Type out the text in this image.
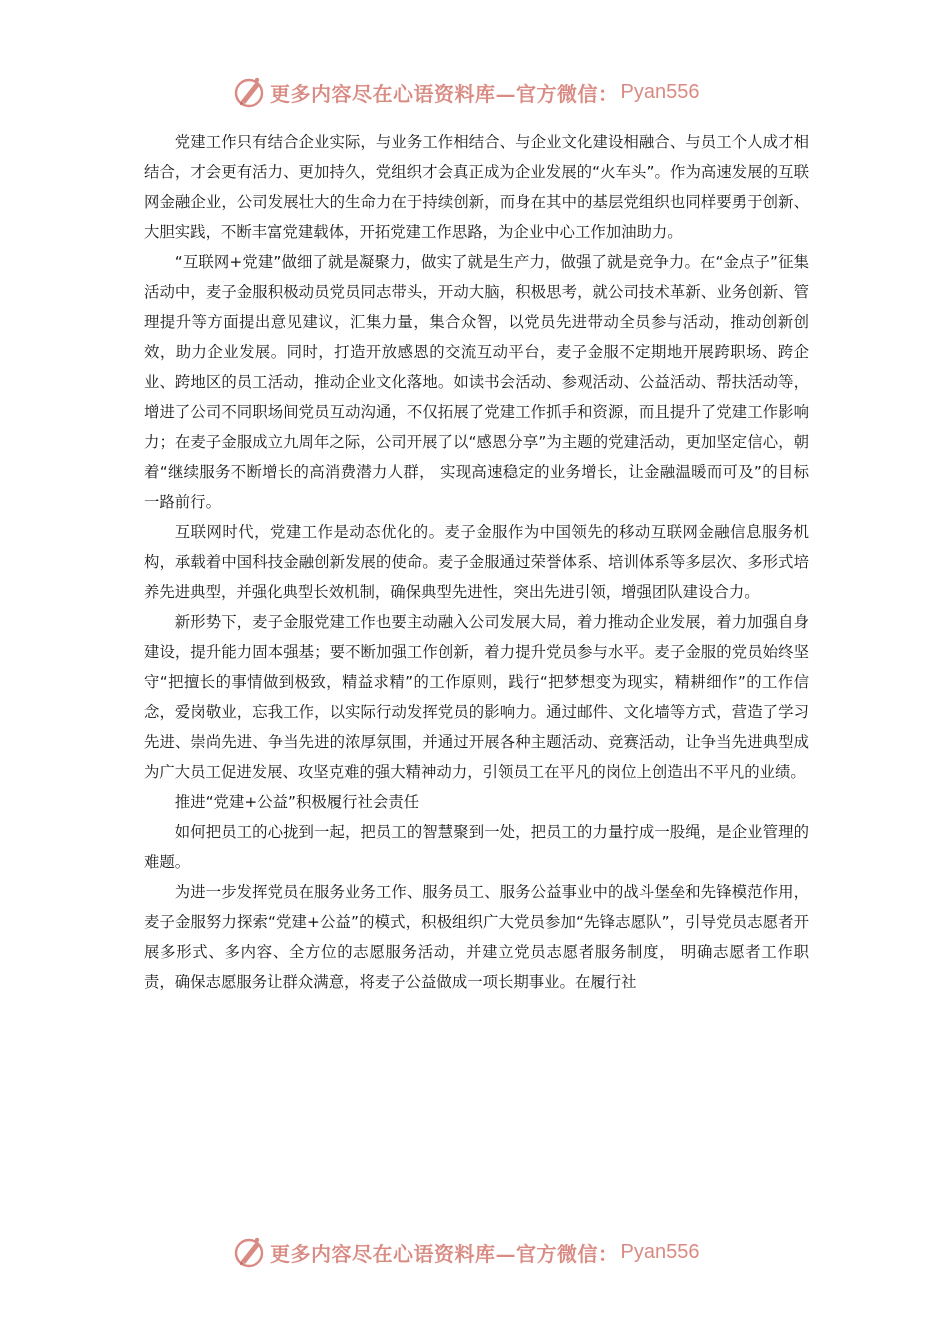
更多内容尽在心语资料库—官方微信： Pyan556

党建工作只有结合企业实际，与业务工作相结合、与企业文化建设相融合、与员工个人成才相结合，才会更有活力、更加持久，党组织才会真正成为企业发展的“火车头”。作为高速发展的互联网金融企业，公司发展壮大的生命力在于持续创新，而身在其中的基层党组织也同样要勇于创新、大胆实践，不断丰富党建载体，开拓党建工作思路，为企业中心工作加油助力。

“互联网+党建”做细了就是凝聚力，做实了就是生产力，做强了就是竞争力。在“金点子”征集活动中，麦子金服积极动员党员同志带头，开动大脑，积极思考，就公司技术革新、业务创新、管理提升等方面提出意见建议，汇集力量，集合众智，以党员先进带动全员参与活动，推动创新创效，助力企业发展。同时，打造开放感恩的交流互动平台，麦子金服不定期地开展跨职场、跨企业、跨地区的员工活动，推动企业文化落地。如读书会活动、参观活动、公益活动、帮扶活动等，增进了公司不同职场间党员互动沟通，不仅拓展了党建工作抓手和资源，而且提升了党建工作影响力；在麦子金服成立九周年之际，公司开展了以“感恩分享”为主题的党建活动，更加坚定信心，朝着“继续服务不断增长的高消费潜力人群， 实现高速稳定的业务增长，让金融温暖而可及”的目标一路前行。

互联网时代，党建工作是动态优化的。麦子金服作为中国领先的移动互联网金融信息服务机构，承载着中国科技金融创新发展的使命。麦子金服通过荣誉体系、培训体系等多层次、多形式培养先进典型，并强化典型长效机制，确保典型先进性，突出先进引领，增强团队建设合力。

新形势下，麦子金服党建工作也要主动融入公司发展大局，着力推动企业发展，着力加强自身建设，提升能力固本强基；要不断加强工作创新，着力提升党员参与水平。麦子金服的党员始终坚守“把擅长的事情做到极致，精益求精”的工作原则，践行“把梦想变为现实，精耕细作”的工作信念，爱岗敬业，忘我工作，以实际行动发挥党员的影响力。通过邮件、文化墙等方式，营造了学习先进、崇尚先进、争当先进的浓厚氛围，并通过开展各种主题活动、竞赛活动，让争当先进典型成为广大员工促进发展、攻坚克难的强大精神动力，引领员工在平凡的岗位上创造出不平凡的业绩。

推进“党建+公益”积极履行社会责任

如何把员工的心拢到一起，把员工的智慧聚到一处，把员工的力量拧成一股绳，是企业管理的难题。

为进一步发挥党员在服务业务工作、服务员工、服务公益事业中的战斗堡垒和先锋模范作用，麦子金服努力探索“党建+公益”的模式，积极组织广大党员参加“先锋志愿队”，引导党员志愿者开展多形式、多内容、全方位的志愿服务活动，并建立党员志愿者服务制度， 明确志愿者工作职责，确保志愿服务让群众满意，将麦子公益做成一项长期事业。在履行社

更多内容尽在心语资料库—官方微信： Pyan556
